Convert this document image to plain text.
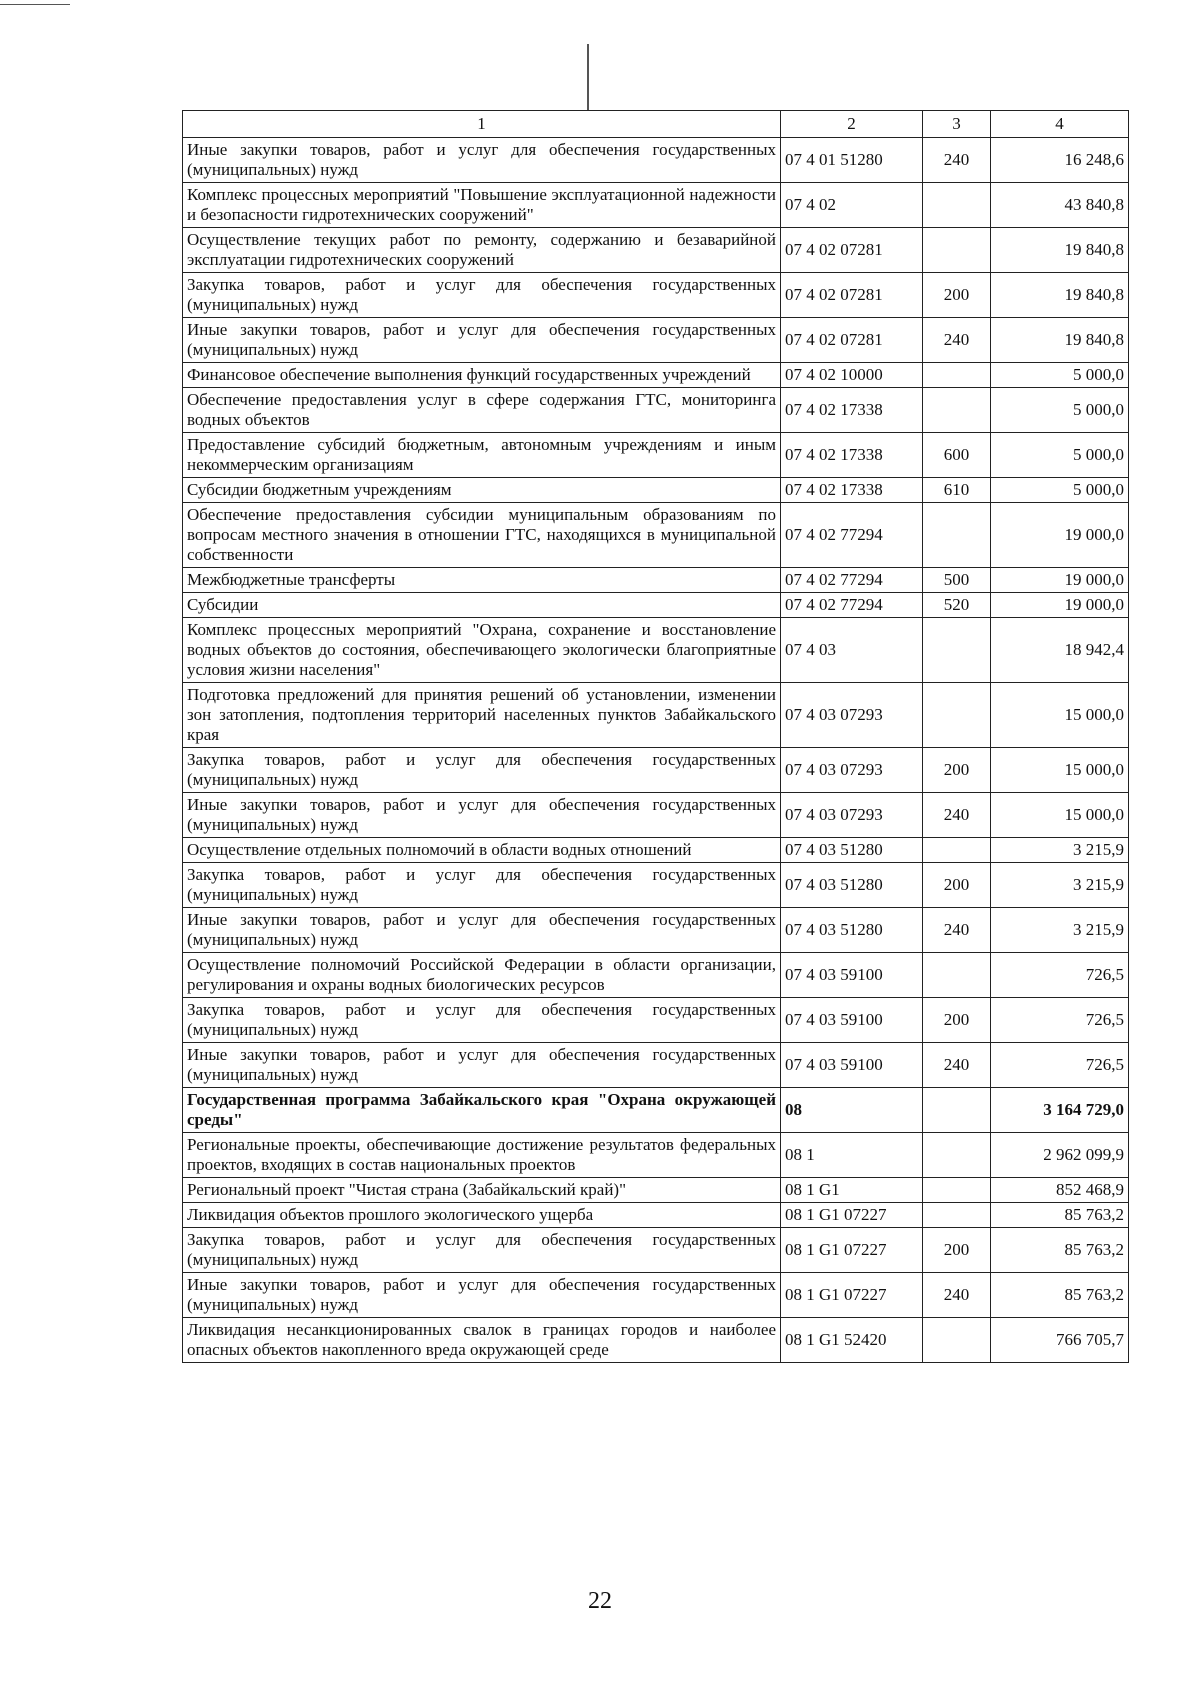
1	2	3	4
Иные закупки товаров, работ и услуг для обеспечения государственных (муниципальных) нужд	07 4 01 51280	240	16 248,6
Комплекс процессных мероприятий "Повышение эксплуатационной надежности и безопасности гидротехнических сооружений"	07 4 02		43 840,8
Осуществление текущих работ по ремонту, содержанию и безаварийной эксплуатации гидротехнических сооружений	07 4 02 07281		19 840,8
Закупка товаров, работ и услуг для обеспечения государственных (муниципальных) нужд	07 4 02 07281	200	19 840,8
Иные закупки товаров, работ и услуг для обеспечения государственных (муниципальных) нужд	07 4 02 07281	240	19 840,8
Финансовое обеспечение выполнения функций государственных учреждений	07 4 02 10000		5 000,0
Обеспечение предоставления услуг в сфере содержания ГТС, мониторинга водных объектов	07 4 02 17338		5 000,0
Предоставление субсидий бюджетным, автономным учреждениям и иным некоммерческим организациям	07 4 02 17338	600	5 000,0
Субсидии бюджетным учреждениям	07 4 02 17338	610	5 000,0
Обеспечение предоставления субсидии муниципальным образованиям по вопросам местного значения в отношении ГТС, находящихся в муниципальной собственности	07 4 02 77294		19 000,0
Межбюджетные трансферты	07 4 02 77294	500	19 000,0
Субсидии	07 4 02 77294	520	19 000,0
Комплекс процессных мероприятий "Охрана, сохранение и восстановление водных объектов до состояния, обеспечивающего экологически благоприятные условия жизни населения"	07 4 03		18 942,4
Подготовка предложений для принятия решений об установлении, изменении зон затопления, подтопления территорий населенных пунктов Забайкальского края	07 4 03 07293		15 000,0
Закупка товаров, работ и услуг для обеспечения государственных (муниципальных) нужд	07 4 03 07293	200	15 000,0
Иные закупки товаров, работ и услуг для обеспечения государственных (муниципальных) нужд	07 4 03 07293	240	15 000,0
Осуществление отдельных полномочий в области водных отношений	07 4 03 51280		3 215,9
Закупка товаров, работ и услуг для обеспечения государственных (муниципальных) нужд	07 4 03 51280	200	3 215,9
Иные закупки товаров, работ и услуг для обеспечения государственных (муниципальных) нужд	07 4 03 51280	240	3 215,9
Осуществление полномочий Российской Федерации в области организации, регулирования и охраны водных биологических ресурсов	07 4 03 59100		726,5
Закупка товаров, работ и услуг для обеспечения государственных (муниципальных) нужд	07 4 03 59100	200	726,5
Иные закупки товаров, работ и услуг для обеспечения государственных (муниципальных) нужд	07 4 03 59100	240	726,5
Государственная программа Забайкальского края "Охрана окружающей среды"	08		3 164 729,0
Региональные проекты, обеспечивающие достижение результатов федеральных проектов, входящих в состав национальных проектов	08 1		2 962 099,9
Региональный проект "Чистая страна (Забайкальский край)"	08 1 G1		852 468,9
Ликвидация объектов прошлого экологического ущерба	08 1 G1 07227		85 763,2
Закупка товаров, работ и услуг для обеспечения государственных (муниципальных) нужд	08 1 G1 07227	200	85 763,2
Иные закупки товаров, работ и услуг для обеспечения государственных (муниципальных) нужд	08 1 G1 07227	240	85 763,2
Ликвидация несанкционированных свалок в границах городов и наиболее опасных объектов накопленного вреда окружающей среде	08 1 G1 52420		766 705,7
22
